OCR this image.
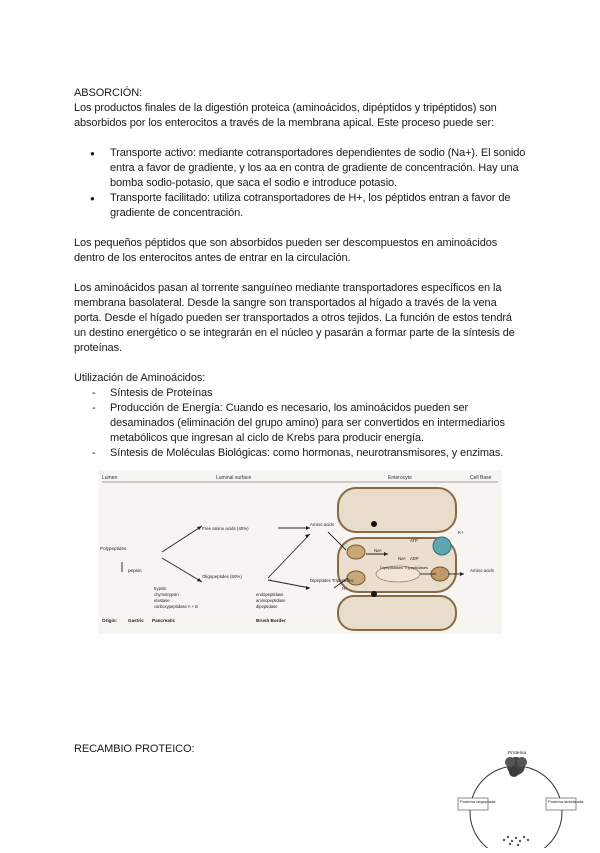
ABSORCIÓN:

Los productos finales de la digestión proteica (aminoácidos, dipéptidos y tripéptidos) son absorbidos por los enterocitos a través de la membrana apical. Este proceso puede ser:

● Transporte activo: mediante cotransportadores dependientes de sodio (Na+). El sonido entra a favor de gradiente, y los aa en contra de gradiente de concentración. Hay una bomba sodio-potasio, que saca el sodio e introduce potasio.
● Transporte facilitado: utiliza cotransportadores de H+, los péptidos entran a favor de gradiente de concentración.

Los pequeños péptidos que son absorbidos pueden ser descompuestos en aminoácidos dentro de los enterocitos antes de entrar en la circulación.

Los aminoácidos pasan al torrente sanguíneo mediante transportadores específicos en la membrana basolateral. Desde la sangre son transportados al hígado a través de la vena porta. Desde el hígado pueden ser transportados a otros tejidos. La función de estos tendrá un destino energético o se integrarán en el núcleo y pasarán a formar parte de la síntesis de proteínas.

Utilización de Aminoácidos:

- Síntesis de Proteínas
- Producción de Energía: Cuando es necesario, los aminoácidos pueden ser desaminados (eliminación del grupo amino) para ser convertidos en intermediarios metabólicos que ingresan al ciclo de Krebs para producir energía.
- Síntesis de Moléculas Biológicas: como hormonas, neurotransmisores, y enzimas.
Lumen	Luminal surface	Enterocyte	Cell Base
Polypeptides
pepsin
Free amino acids (40%)
Oligopeptides (60%)
Amino acids
Dipeptides Tripeptides
Dipeptidases Tripeptidases
Amino acids
Na+
Na+
K+
H+
ATP
ADP
trypsin
chymotrypsin
elastase
carboxypeptidase A + B
endopeptidase
aminopeptidase
dipeptidase
Origin: Gastric Pancreatic	Brush Border

RECAMBIO PROTEICO:	Proteína
Proteína degradada	Proteína sintetizada
